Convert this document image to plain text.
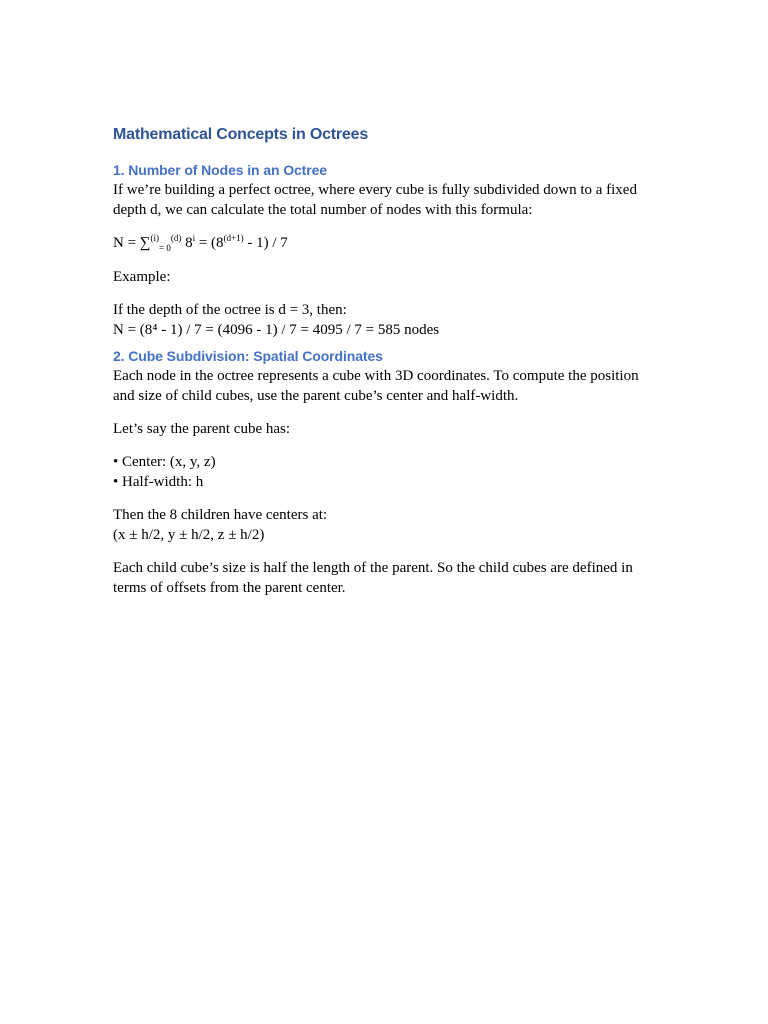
Mathematical Concepts in Octrees
1. Number of Nodes in an Octree

If we’re building a perfect octree, where every cube is fully subdivided down to a fixed depth d, we can calculate the total number of nodes with this formula:

N = ∑$^{(i)}_{= 0}^{(d)}$ $8^i = (8^{(d+1)} - 1) / 7$

Example:

If the depth of the octree is d = 3, then:

N = (8⁴ - 1) / 7 = (4096 - 1) / 7 = 4095 / 7 = 585 nodes

2. Cube Subdivision: Spatial Coordinates

Each node in the octree represents a cube with 3D coordinates. To compute the position and size of child cubes, use the parent cube’s center and half-width.

Let’s say the parent cube has:

• Center: (x, y, z)

• Half-width: h

Then the 8 children have centers at:

(x ± h/2, y ± h/2, z ± h/2)

Each child cube’s size is half the length of the parent. So the child cubes are defined in terms of offsets from the parent center.
